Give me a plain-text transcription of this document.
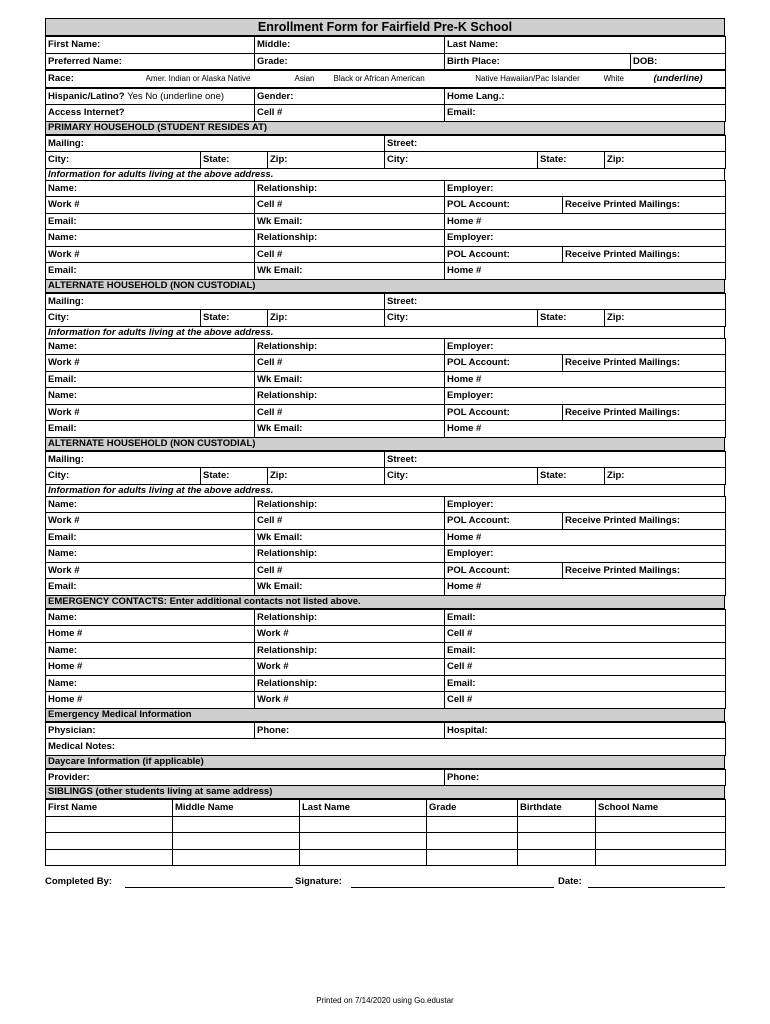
Enrollment Form for Fairfield Pre-K School
First Name:	Middle:	Last Name:	
Preferred Name:	Grade:	Birth Place:	DOB:
Race:	Amer. Indian or Alaska Native	Asian	Black or African American	Native Hawaiian/Pac Islander	White	(underline)
Hispanic/Latino? Yes No (underline one)	Gender:	Home Lang.:
Access Internet?	Cell #	Email:
PRIMARY HOUSEHOLD (STUDENT RESIDES AT)
Mailing:			Street:		
City:	State:	Zip:	City:	State:	Zip:
Information for adults living at the above address.
Name:	Relationship:	Employer:	
Work #	Cell #	POL Account:	Receive Printed Mailings:
Email:	Wk Email:	Home #	
Name:	Relationship:	Employer:	
Work #	Cell #	POL Account:	Receive Printed Mailings:
Email:	Wk Email:	Home #	
ALTERNATE HOUSEHOLD (NON CUSTODIAL)
Mailing:			Street:		
City:	State:	Zip:	City:	State:	Zip:
Information for adults living at the above address.
Name:	Relationship:	Employer:	
Work #	Cell #	POL Account:	Receive Printed Mailings:
Email:	Wk Email:	Home #	
Name:	Relationship:	Employer:	
Work #	Cell #	POL Account:	Receive Printed Mailings:
Email:	Wk Email:	Home #	
ALTERNATE HOUSEHOLD (NON CUSTODIAL)
Mailing:			Street:		
City:	State:	Zip:	City:	State:	Zip:
Information for adults living at the above address.
Name:	Relationship:	Employer:	
Work #	Cell #	POL Account:	Receive Printed Mailings:
Email:	Wk Email:	Home #	
Name:	Relationship:	Employer:	
Work #	Cell #	POL Account:	Receive Printed Mailings:
Email:	Wk Email:	Home #	
EMERGENCY CONTACTS: Enter additional contacts not listed above.
Name:	Relationship:	Email:
Home #	Work #	Cell #
Name:	Relationship:	Email:
Home #	Work #	Cell #
Name:	Relationship:	Email:
Home #	Work #	Cell #
Emergency Medical Information
Physician:	Phone:	Hospital:
Medical Notes:
Daycare Information (if applicable)
Provider:	Phone:
SIBLINGS (other students living at same address)
First Name	Middle Name	Last Name	Grade	Birthdate	School Name

Completed By:	Signature:	Date:
Printed on 7/14/2020 using Go.edustar
